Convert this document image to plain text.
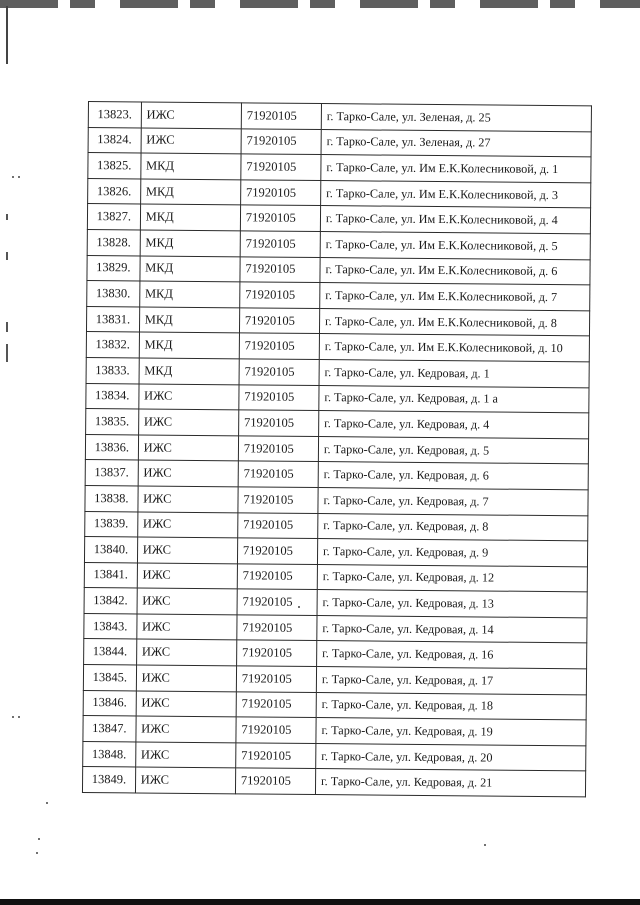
13823.	ИЖС	71920105	г. Тарко-Сале, ул. Зеленая, д. 25
13824.	ИЖС	71920105	г. Тарко-Сале, ул. Зеленая, д. 27
13825.	МКД	71920105	г. Тарко-Сале, ул. Им Е.К.Колесниковой, д. 1
13826.	МКД	71920105	г. Тарко-Сале, ул. Им Е.К.Колесниковой, д. 3
13827.	МКД	71920105	г. Тарко-Сале, ул. Им Е.К.Колесниковой, д. 4
13828.	МКД	71920105	г. Тарко-Сале, ул. Им Е.К.Колесниковой, д. 5
13829.	МКД	71920105	г. Тарко-Сале, ул. Им Е.К.Колесниковой, д. 6
13830.	МКД	71920105	г. Тарко-Сале, ул. Им Е.К.Колесниковой, д. 7
13831.	МКД	71920105	г. Тарко-Сале, ул. Им Е.К.Колесниковой, д. 8
13832.	МКД	71920105	г. Тарко-Сале, ул. Им Е.К.Колесниковой, д. 10
13833.	МКД	71920105	г. Тарко-Сале, ул. Кедровая, д. 1
13834.	ИЖС	71920105	г. Тарко-Сале, ул. Кедровая, д. 1 а
13835.	ИЖС	71920105	г. Тарко-Сале, ул. Кедровая, д. 4
13836.	ИЖС	71920105	г. Тарко-Сале, ул. Кедровая, д. 5
13837.	ИЖС	71920105	г. Тарко-Сале, ул. Кедровая, д. 6
13838.	ИЖС	71920105	г. Тарко-Сале, ул. Кедровая, д. 7
13839.	ИЖС	71920105	г. Тарко-Сале, ул. Кедровая, д. 8
13840.	ИЖС	71920105	г. Тарко-Сале, ул. Кедровая, д. 9
13841.	ИЖС	71920105	г. Тарко-Сале, ул. Кедровая, д. 12
13842.	ИЖС	71920105	г. Тарко-Сале, ул. Кедровая, д. 13
13843.	ИЖС	71920105	г. Тарко-Сале, ул. Кедровая, д. 14
13844.	ИЖС	71920105	г. Тарко-Сале, ул. Кедровая, д. 16
13845.	ИЖС	71920105	г. Тарко-Сале, ул. Кедровая, д. 17
13846.	ИЖС	71920105	г. Тарко-Сале, ул. Кедровая, д. 18
13847.	ИЖС	71920105	г. Тарко-Сале, ул. Кедровая, д. 19
13848.	ИЖС	71920105	г. Тарко-Сале, ул. Кедровая, д. 20
13849.	ИЖС	71920105	г. Тарко-Сале, ул. Кедровая, д. 21
